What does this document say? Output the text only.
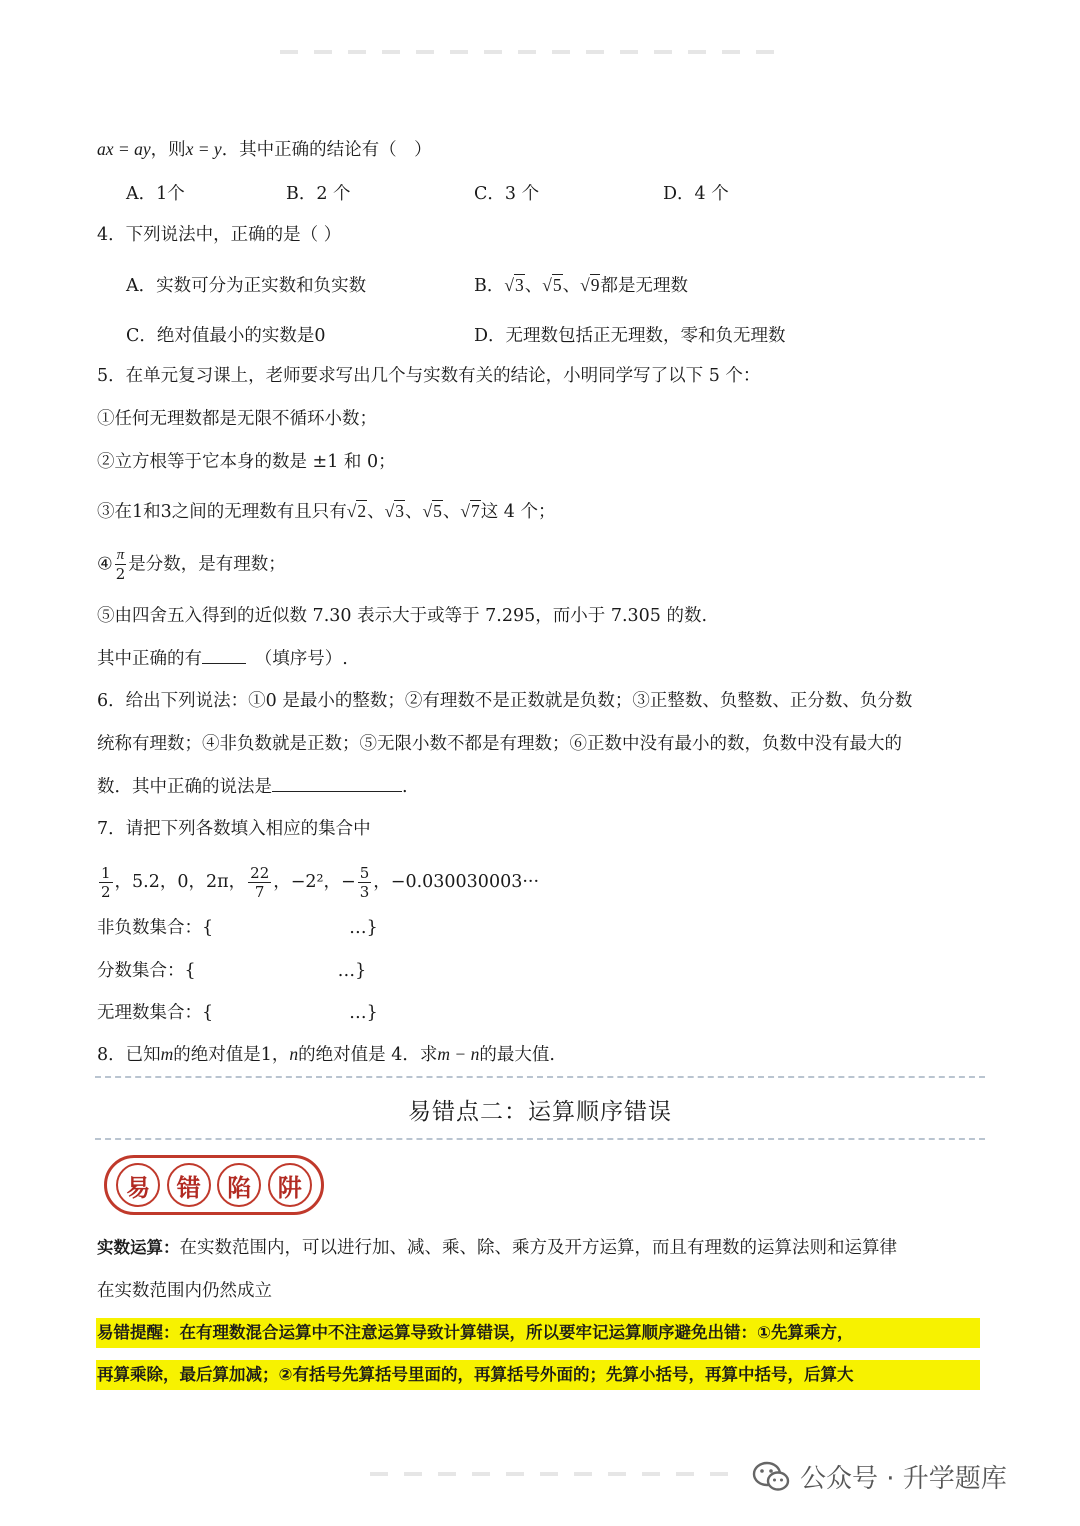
ax = ay，则x = y．其中正确的结论有（　）
A．1个	B．2 个	C．3 个	D．4 个
4．下列说法中，正确的是（ ）
A．实数可分为正实数和负实数	B．√3、√5、√9都是无理数
C．绝对值最小的实数是0	D．无理数包括正无理数，零和负无理数
5．在单元复习课上，老师要求写出几个与实数有关的结论，小明同学写了以下 5 个：
①任何无理数都是无限不循环小数；
②立方根等于它本身的数是 ±1 和 0；
③在1和3之间的无理数有且只有√2、√3、√5、√7这 4 个；
④ $\frac{\pi}{2}$ 是分数，是有理数；
⑤由四舍五入得到的近似数 7.30 表示大于或等于 7.295，而小于 7.305 的数.
其中正确的有　	（填序号）.
6．给出下列说法：①0 是最小的整数；②有理数不是正数就是负数；③正整数、负整数、正分数、负分数
统称有理数；④非负数就是正数；⑤无限小数不都是有理数；⑥正数中没有最小的数，负数中没有最大的
数．其中正确的说法是	.
7．请把下列各数填入相应的集合中
$\frac{1}{2}$ ，5.2，0，2π， $\frac{22}{7}$ ，−2²，− $\frac{5}{3}$ ，−0.030030003···
非负数集合：{	…}
分数集合：{	…}
无理数集合：{	…}
8．已知m的绝对值是1，n的绝对值是 4．求m − n的最大值.
易错点二：运算顺序错误
易	错	陷	阱
实数运算：在实数范围内，可以进行加、减、乘、除、乘方及开方运算，而且有理数的运算法则和运算律
在实数范围内仍然成立
易错提醒：在有理数混合运算中不注意运算导致计算错误，所以要牢记运算顺序避免出错：①先算乘方，
再算乘除，最后算加减；②有括号先算括号里面的，再算括号外面的；先算小括号，再算中括号，后算大
公众号 · 升学题库
